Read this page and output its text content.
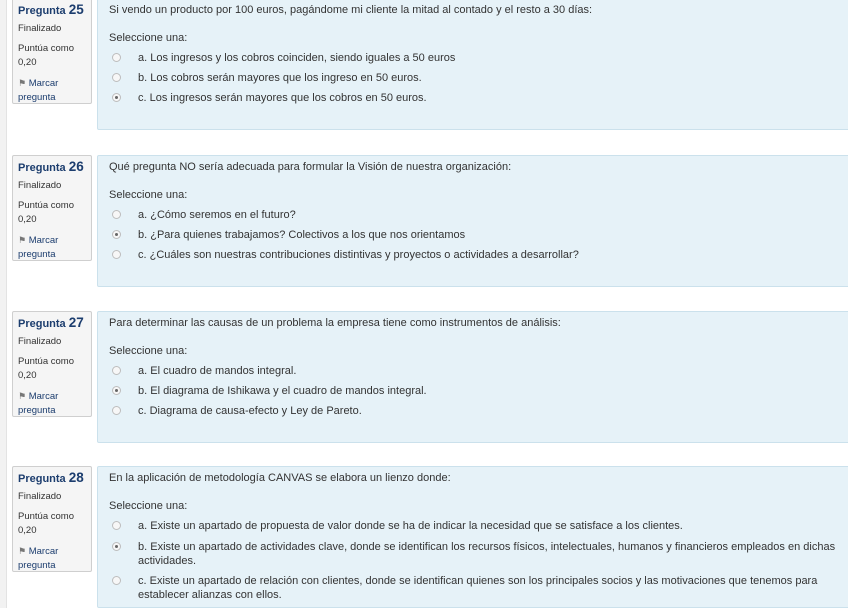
Pregunta 25
Finalizado
Puntúa como
0,20
⚑ Marcar
pregunta
Si vendo un producto por 100 euros, pagándome mi cliente la mitad al contado y el resto a 30 días:
Seleccione una:
a. Los ingresos y los cobros coinciden, siendo iguales a 50 euros
b. Los cobros serán mayores que los ingreso en 50 euros.
c. Los ingresos serán mayores que los cobros en 50 euros.
Pregunta 26
Finalizado
Puntúa como
0,20
⚑ Marcar
pregunta
Qué pregunta NO sería adecuada para formular la Visión de nuestra organización:
Seleccione una:
a. ¿Cómo seremos en el futuro?
b. ¿Para quienes trabajamos? Colectivos a los que nos orientamos
c. ¿Cuáles son nuestras contribuciones distintivas y proyectos o actividades a desarrollar?
Pregunta 27
Finalizado
Puntúa como
0,20
⚑ Marcar
pregunta
Para determinar las causas de un problema la empresa tiene como instrumentos de análisis:
Seleccione una:
a. El cuadro de mandos integral.
b. El diagrama de Ishikawa y el cuadro de mandos integral.
c. Diagrama de causa-efecto y Ley de Pareto.
Pregunta 28
Finalizado
Puntúa como
0,20
⚑ Marcar
pregunta
En la aplicación de metodología CANVAS se elabora un lienzo donde:
Seleccione una:
a. Existe un apartado de propuesta de valor donde se ha de indicar la necesidad que se satisface a los clientes.
b. Existe un apartado de actividades clave, donde se identifican los recursos físicos, intelectuales, humanos y financieros empleados en dichas actividades.
c. Existe un apartado de relación con clientes, donde se identifican quienes son los principales socios y las motivaciones que tenemos para establecer alianzas con ellos.
